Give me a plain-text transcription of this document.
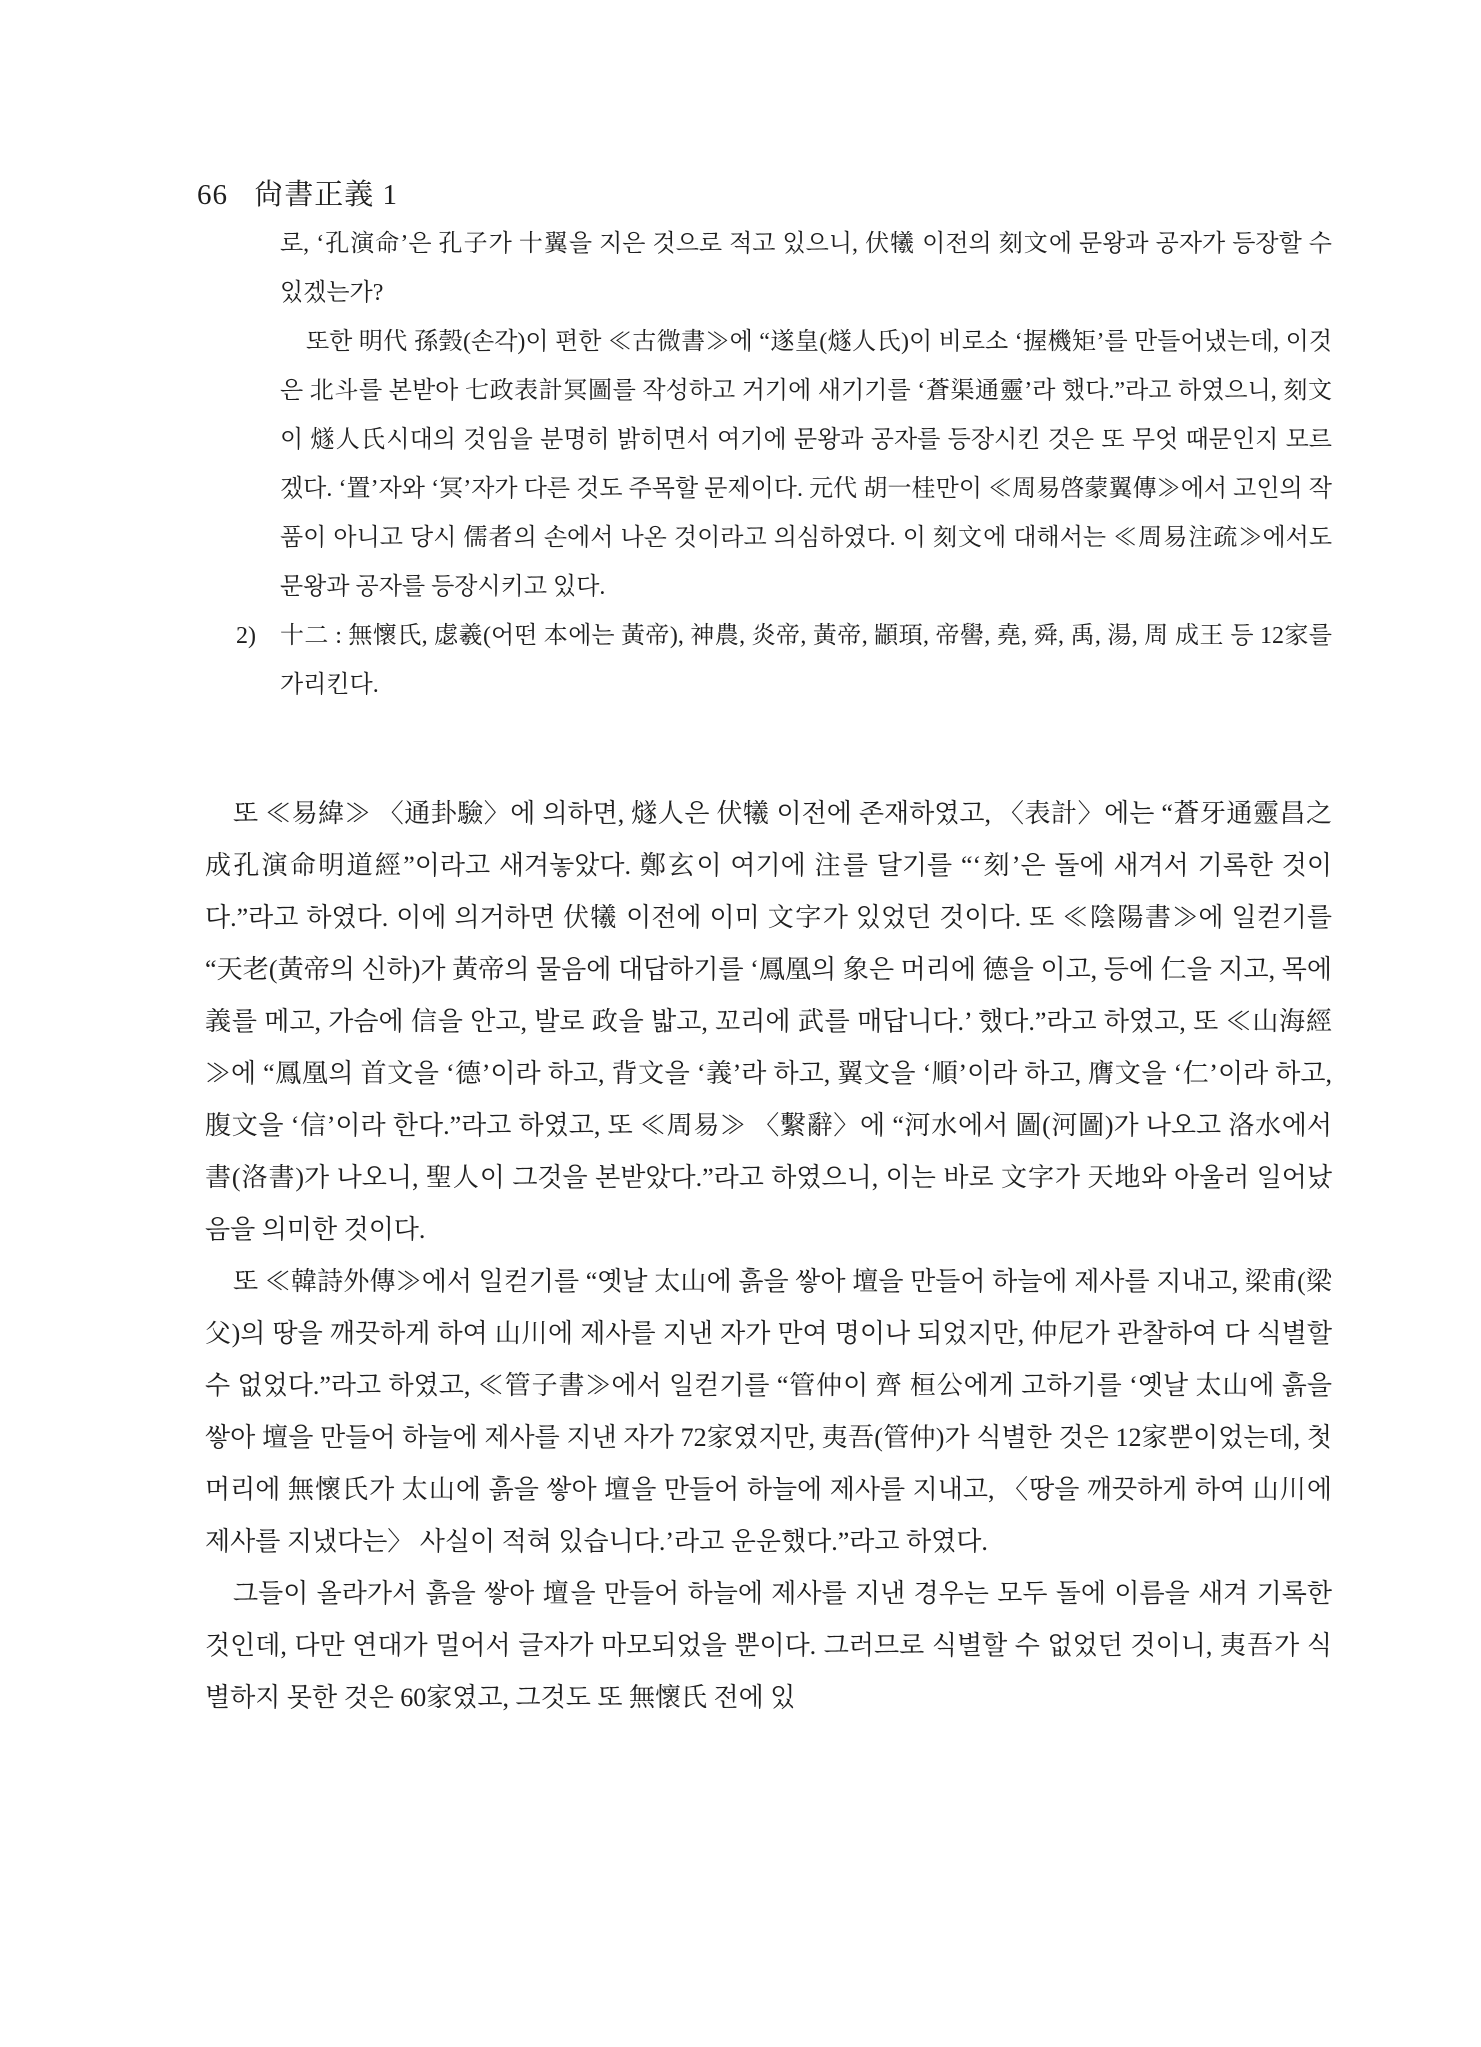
66 尙書正義 1

로, ‘孔演命’은 孔子가 十翼을 지은 것으로 적고 있으니, 伏犧 이전의 刻文에 문왕과 공자가 등장할 수 있겠는가?

또한 明代 孫瑴(손각)이 편한 ≪古微書≫에 “遂皇(燧人氏)이 비로소 ‘握機矩’를 만들어냈는데, 이것은 北斗를 본받아 七政表計冥圖를 작성하고 거기에 새기기를 ‘蒼渠通靈’라 했다.”라고 하였으니, 刻文이 燧人氏시대의 것임을 분명히 밝히면서 여기에 문왕과 공자를 등장시킨 것은 또 무엇 때문인지 모르겠다. ‘置’자와 ‘冥’자가 다른 것도 주목할 문제이다. 元代 胡一桂만이 ≪周易啓蒙翼傳≫에서 고인의 작품이 아니고 당시 儒者의 손에서 나온 것이라고 의심하였다. 이 刻文에 대해서는 ≪周易注疏≫에서도 문왕과 공자를 등장시키고 있다.

2) 十二 : 無懷氏, 虙羲(어떤 本에는 黃帝), 神農, 炎帝, 黃帝, 顓頊, 帝嚳, 堯, 舜, 禹, 湯, 周 成王 등 12家를 가리킨다.

또 ≪易緯≫ 〈通卦驗〉에 의하면, 燧人은 伏犧 이전에 존재하였고, 〈表計〉에는 “蒼牙通靈昌之成孔演命明道經”이라고 새겨놓았다. 鄭玄이 여기에 注를 달기를 “‘刻’은 돌에 새겨서 기록한 것이다.”라고 하였다. 이에 의거하면 伏犧 이전에 이미 文字가 있었던 것이다. 또 ≪陰陽書≫에 일컫기를 “天老(黃帝의 신하)가 黃帝의 물음에 대답하기를 ‘鳳凰의 象은 머리에 德을 이고, 등에 仁을 지고, 목에 義를 메고, 가슴에 信을 안고, 발로 政을 밟고, 꼬리에 武를 매답니다.’ 했다.”라고 하였고, 또 ≪山海經≫에 “鳳凰의 首文을 ‘德’이라 하고, 背文을 ‘義’라 하고, 翼文을 ‘順’이라 하고, 膺文을 ‘仁’이라 하고, 腹文을 ‘信’이라 한다.”라고 하였고, 또 ≪周易≫ 〈繫辭〉에 “河水에서 圖(河圖)가 나오고 洛水에서 書(洛書)가 나오니, 聖人이 그것을 본받았다.”라고 하였으니, 이는 바로 文字가 天地와 아울러 일어났음을 의미한 것이다.

또 ≪韓詩外傳≫에서 일컫기를 “옛날 太山에 흙을 쌓아 壇을 만들어 하늘에 제사를 지내고, 梁甫(梁父)의 땅을 깨끗하게 하여 山川에 제사를 지낸 자가 만여 명이나 되었지만, 仲尼가 관찰하여 다 식별할 수 없었다.”라고 하였고, ≪管子書≫에서 일컫기를 “管仲이 齊 桓公에게 고하기를 ‘옛날 太山에 흙을 쌓아 壇을 만들어 하늘에 제사를 지낸 자가 72家였지만, 夷吾(管仲)가 식별한 것은 12家뿐이었는데, 첫머리에 無懷氏가 太山에 흙을 쌓아 壇을 만들어 하늘에 제사를 지내고, 〈땅을 깨끗하게 하여 山川에 제사를 지냈다는〉 사실이 적혀 있습니다.’라고 운운했다.”라고 하였다.

그들이 올라가서 흙을 쌓아 壇을 만들어 하늘에 제사를 지낸 경우는 모두 돌에 이름을 새겨 기록한 것인데, 다만 연대가 멀어서 글자가 마모되었을 뿐이다. 그러므로 식별할 수 없었던 것이니, 夷吾가 식별하지 못한 것은 60家였고, 그것도 또 無懷氏 전에 있
